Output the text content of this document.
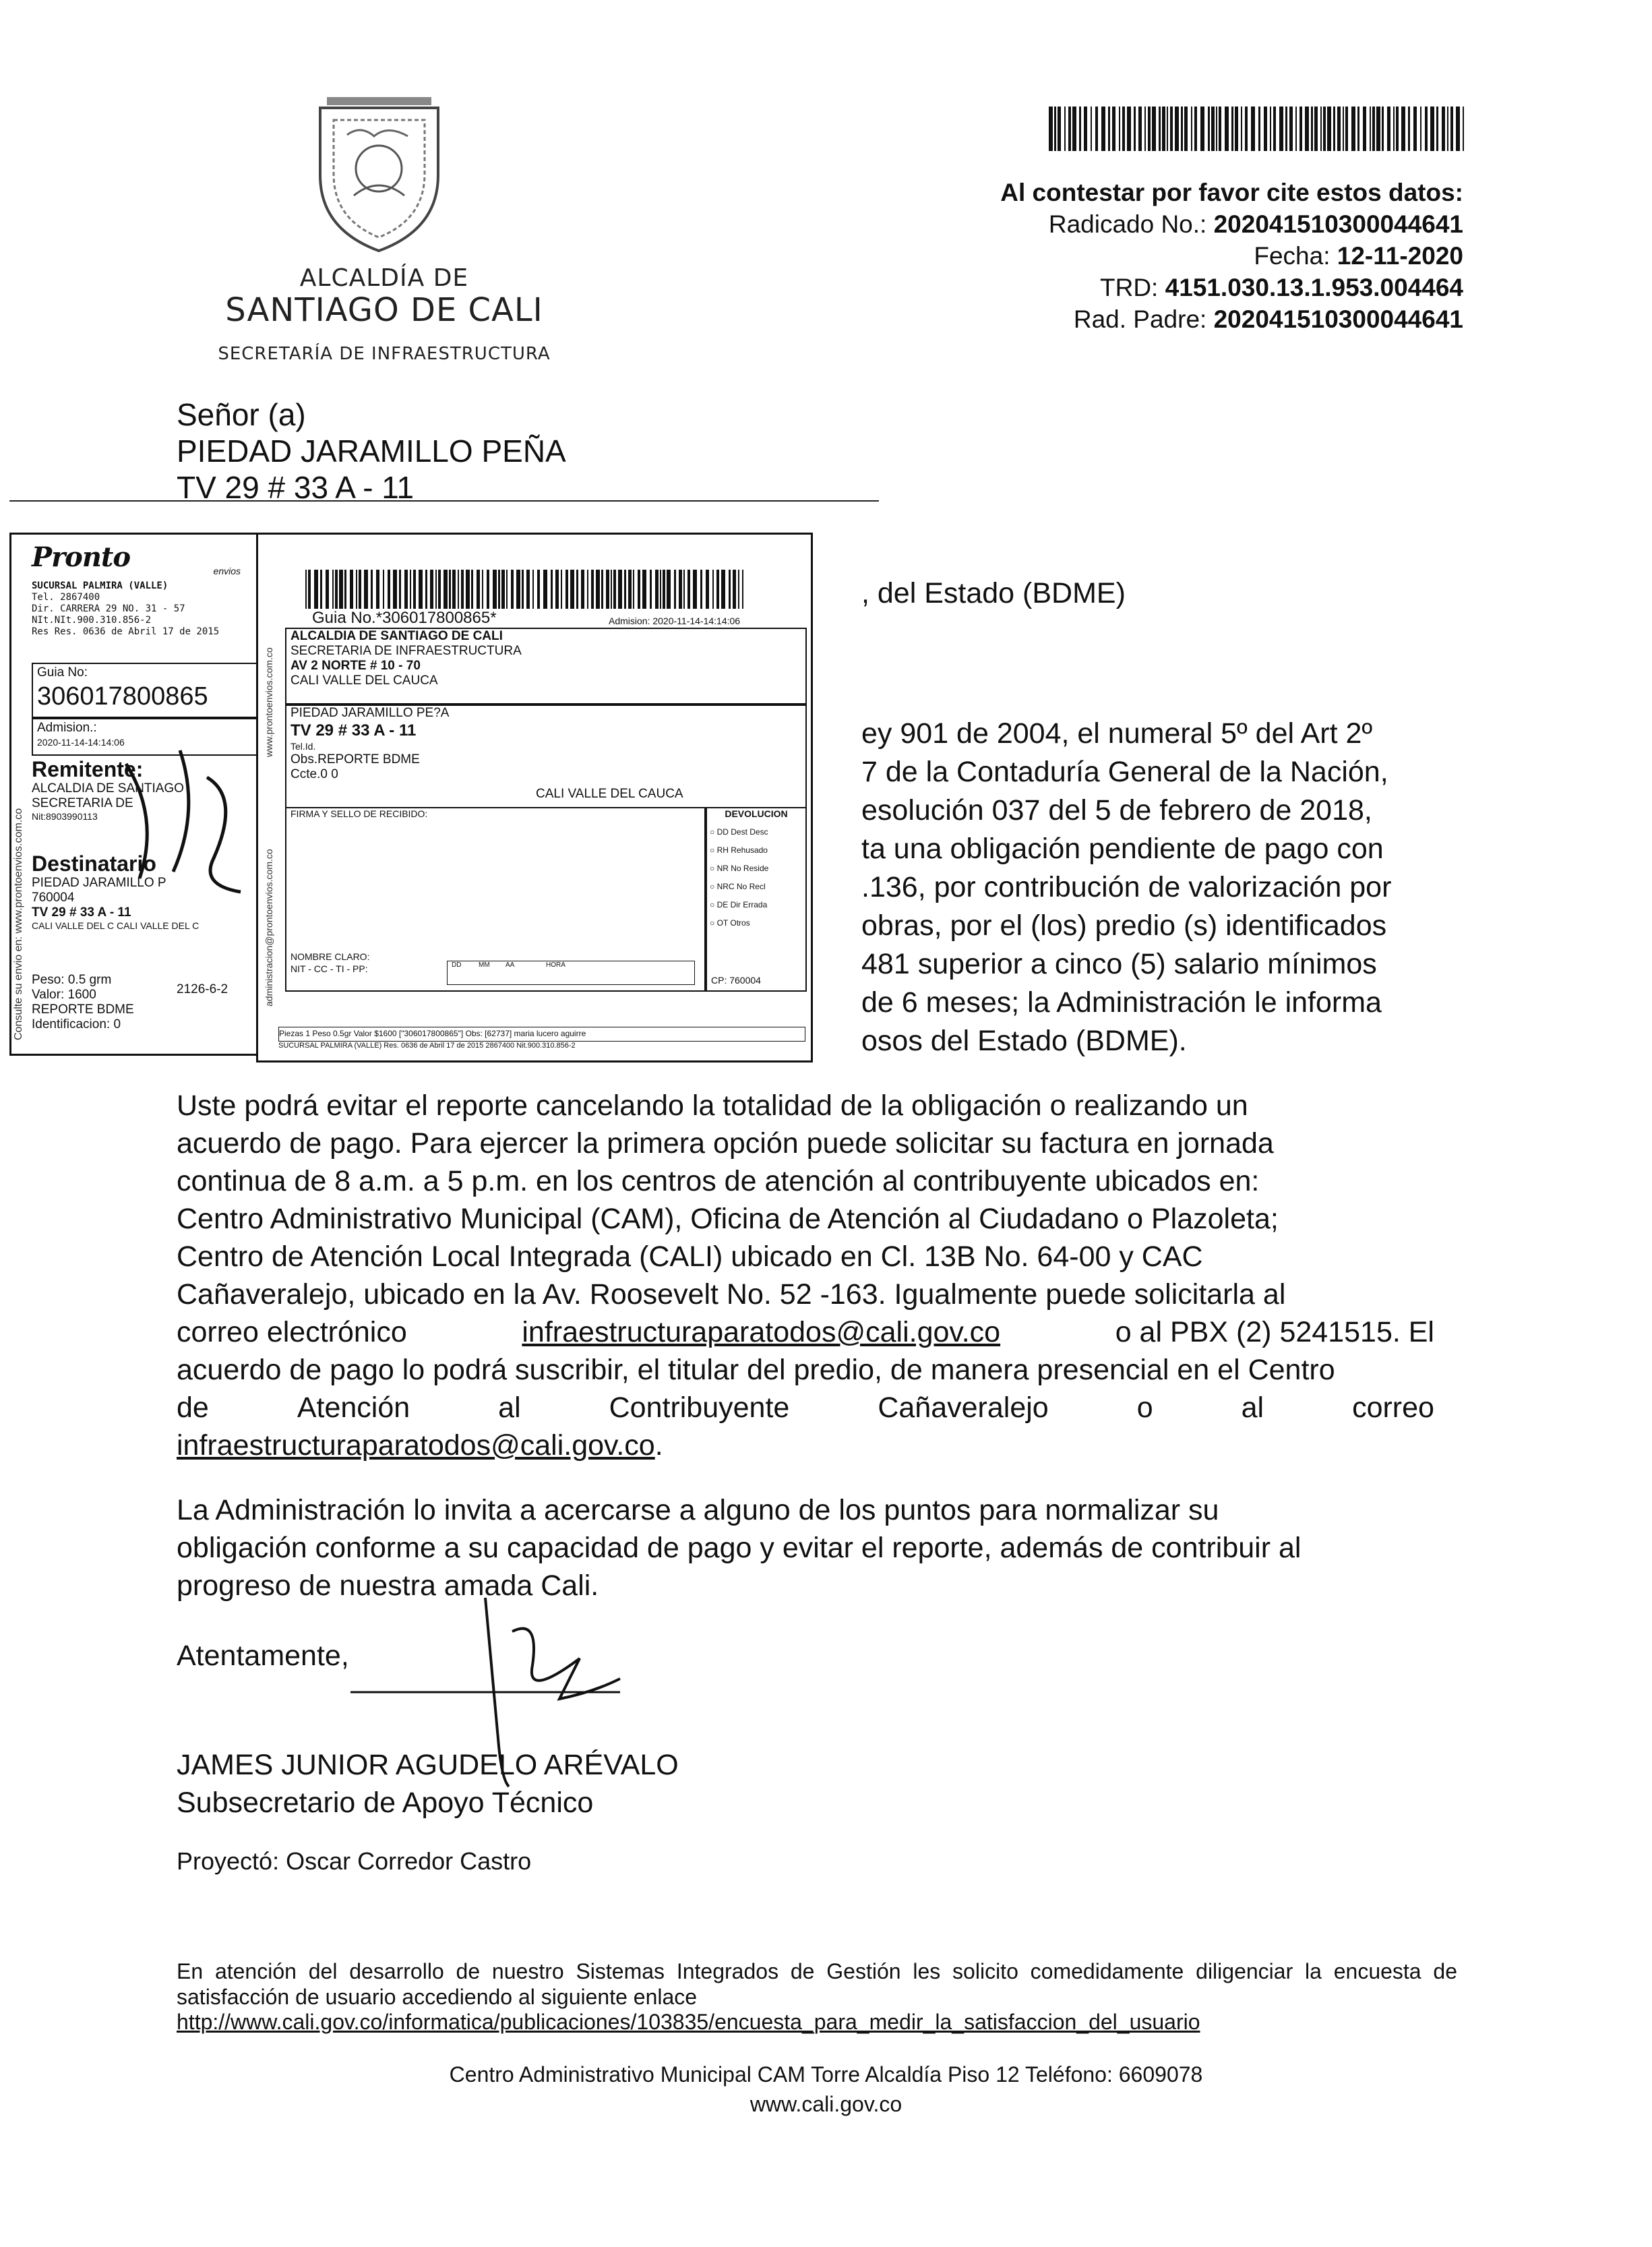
ALCALDÍA DE
SANTIAGO DE CALI
SECRETARÍA DE INFRAESTRUCTURA
Al contestar por favor cite estos datos:
Radicado No.: 202041510300044641
Fecha: 12-11-2020
TRD: 4151.030.13.1.953.004464
Rad. Padre: 202041510300044641
Señor (a)
PIEDAD JARAMILLO PEÑA
TV 29 # 33 A - 11
, del Estado (BDME)
ey 901 de 2004, el numeral 5º del Art 2º
7 de la Contaduría General de la Nación,
esolución 037 del 5 de febrero de 2018,
ta una obligación pendiente de pago con
.136, por contribución de valorización por
obras, por el (los) predio (s) identificados
481 superior a cinco (5) salario mínimos
de 6 meses; la Administración le informa
osos del Estado (BDME).
Pronto	envios
SUCURSAL PALMIRA (VALLE)
Tel. 2867400
Dir. CARRERA 29 NO. 31 - 57
NIt.NIt.900.310.856-2
Res Res. 0636 de Abril 17 de 2015
Guia No:
306017800865
Admision.:
2020-11-14-14:14:06
Remitente:
ALCALDIA DE SANTIAGO
SECRETARIA DE
Nit:8903990113
Destinatario
PIEDAD JARAMILLO P
760004
TV 29 # 33 A - 11
CALI VALLE DEL C CALI VALLE DEL C
Peso: 0.5 grm
Valor: 1600
REPORTE BDME
Identificacion: 0
2126-6-2
Consulte su envio en: www.prontoenvios.com.co
Guia No.*306017800865*	Admision: 2020-11-14-14:14:06
ALCALDIA DE SANTIAGO DE CALI
SECRETARIA DE INFRAESTRUCTURA
AV 2 NORTE # 10 - 70
CALI VALLE DEL CAUCA
PIEDAD JARAMILLO PE?A
TV 29 # 33 A - 11
Tel.Id.
Obs.REPORTE BDME
Ccte.0 0
CALI VALLE DEL CAUCA
FIRMA Y SELLO DE RECIBIDO:
NOMBRE CLARO:
NIT - CC - TI - PP:	DD	MM	AA	HORA
DEVOLUCION
○ DD Dest Desc
○ RH Rehusado
○ NR No Reside
○ NRC No Recl
○ DE Dir Errada
○ OT Otros
CP: 760004
Piezas 1 Peso 0.5gr Valor $1600 ["306017800865"] Obs: [62737] maria lucero aguirre
SUCURSAL PALMIRA (VALLE) Res. 0636 de Abril 17 de 2015 2867400 Nit.900.310.856-2
administracion@prontoenvios.com.co
www.prontoenvios.com.co
Uste podrá evitar el reporte cancelando la totalidad de la obligación o realizando un
acuerdo de pago. Para ejercer la primera opción puede solicitar su factura en jornada
continua de 8 a.m. a 5 p.m. en los centros de atención al contribuyente ubicados en:
Centro Administrativo Municipal (CAM), Oficina de Atención al Ciudadano o Plazoleta;
Centro de Atención Local Integrada (CALI) ubicado en Cl. 13B No. 64-00 y CAC
Cañaveralejo, ubicado en la Av. Roosevelt No. 52 -163. Igualmente puede solicitarla al
correo electrónico	infraestructuraparatodos@cali.gov.co	o al PBX (2) 5241515. El
acuerdo de pago lo podrá suscribir, el titular del predio, de manera presencial en el Centro
de	Atención	al	Contribuyente	Cañaveralejo	o	al	correo
infraestructuraparatodos@cali.gov.co.
La Administración lo invita a acercarse a alguno de los puntos para normalizar su
obligación conforme a su capacidad de pago y evitar el reporte, además de contribuir al
progreso de nuestra amada Cali.
Atentamente,
JAMES JUNIOR AGUDELO ARÉVALO
Subsecretario de Apoyo Técnico
Proyectó: Oscar Corredor Castro
En atención del desarrollo de nuestro Sistemas Integrados de Gestión les solicito comedidamente diligenciar la encuesta de satisfacción de usuario accediendo al siguiente enlace
http://www.cali.gov.co/informatica/publicaciones/103835/encuesta_para_medir_la_satisfaccion_del_usuario
Centro Administrativo Municipal CAM Torre Alcaldía Piso 12 Teléfono: 6609078
www.cali.gov.co
